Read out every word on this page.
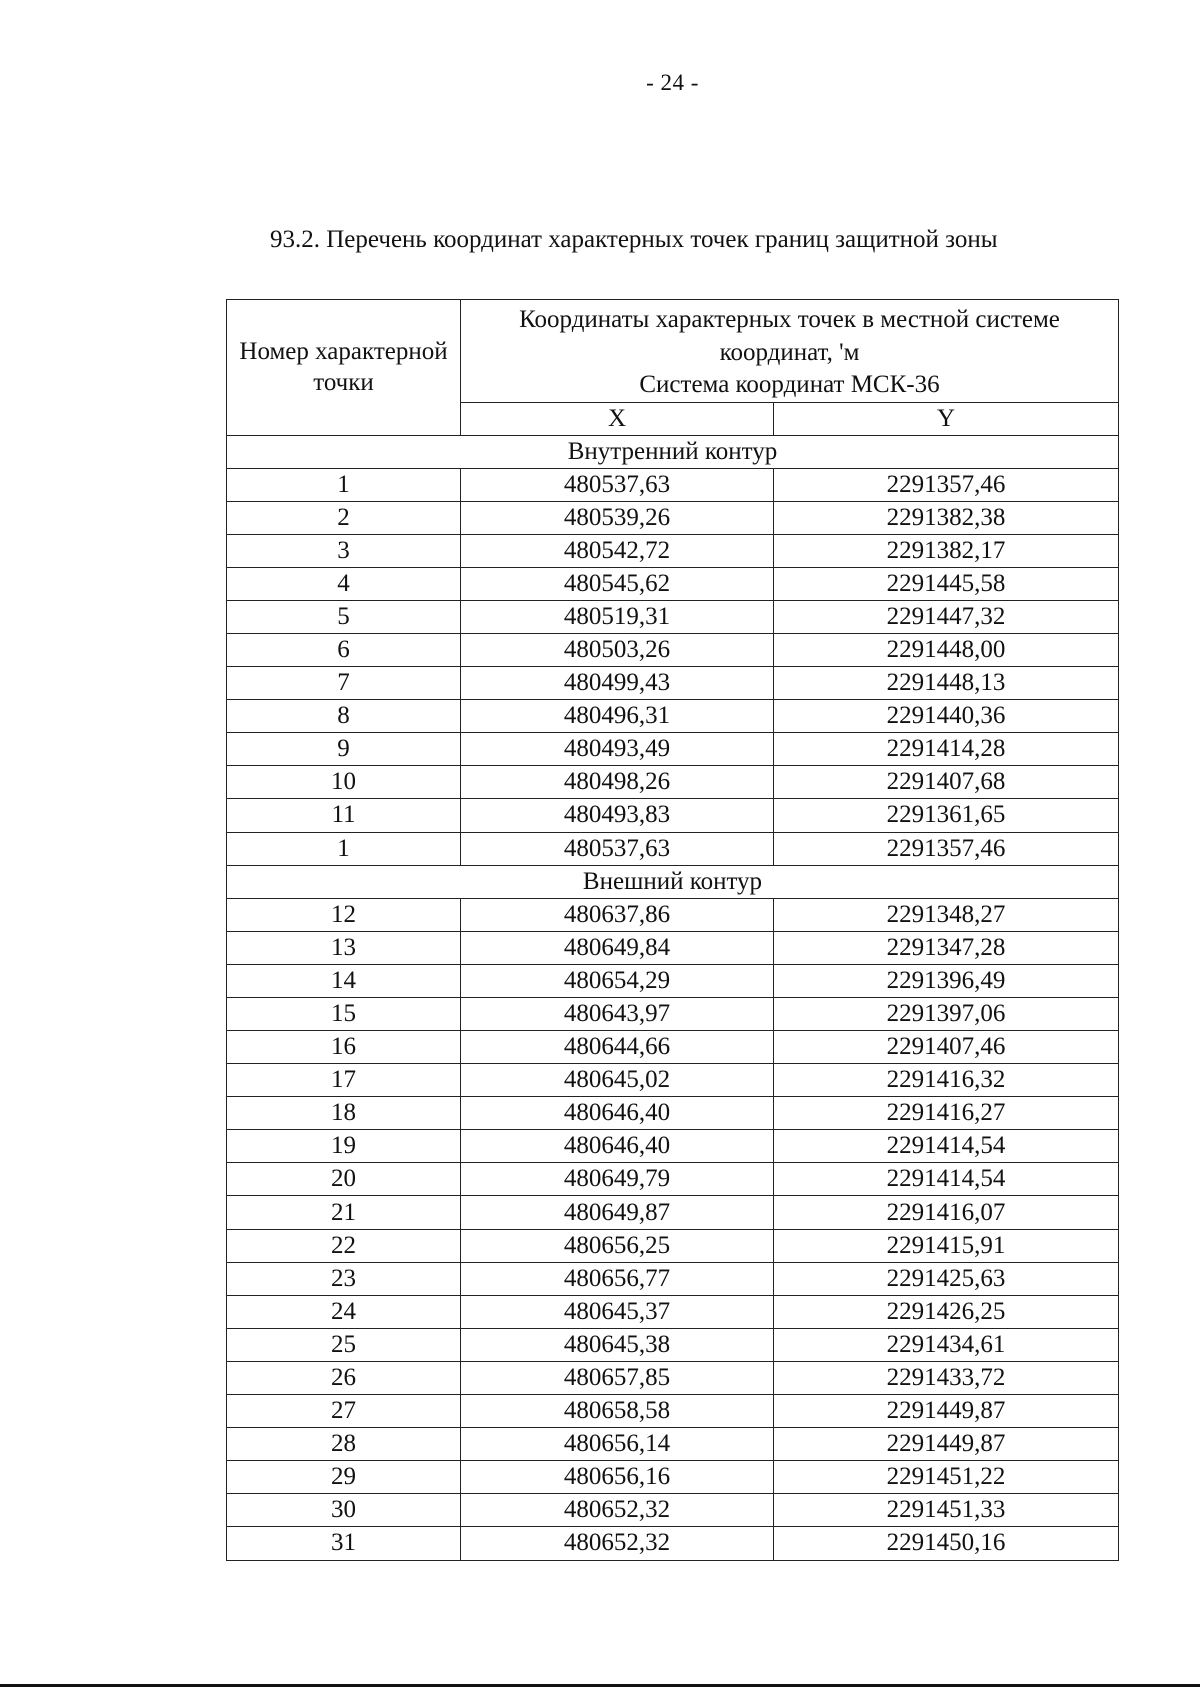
- 24 -
93.2. Перечень координат характерных точек границ защитной зоны
Номер характерной точки	Координаты характерных точек в местной системе
координат, 'м
Система координат МСК-36	

	X	Y
Внутренний контур		
1	480537,63	2291357,46
2	480539,26	2291382,38
3	480542,72	2291382,17
4	480545,62	2291445,58
5	480519,31	2291447,32
6	480503,26	2291448,00
7	480499,43	2291448,13
8	480496,31	2291440,36
9	480493,49	2291414,28
10	480498,26	2291407,68
11	480493,83	2291361,65
1	480537,63	2291357,46
Внешний контур		
12	480637,86	2291348,27
13	480649,84	2291347,28
14	480654,29	2291396,49
15	480643,97	2291397,06
16	480644,66	2291407,46
17	480645,02	2291416,32
18	480646,40	2291416,27
19	480646,40	2291414,54
20	480649,79	2291414,54
21	480649,87	2291416,07
22	480656,25	2291415,91
23	480656,77	2291425,63
24	480645,37	2291426,25
25	480645,38	2291434,61
26	480657,85	2291433,72
27	480658,58	2291449,87
28	480656,14	2291449,87
29	480656,16	2291451,22
30	480652,32	2291451,33
31	480652,32	2291450,16
